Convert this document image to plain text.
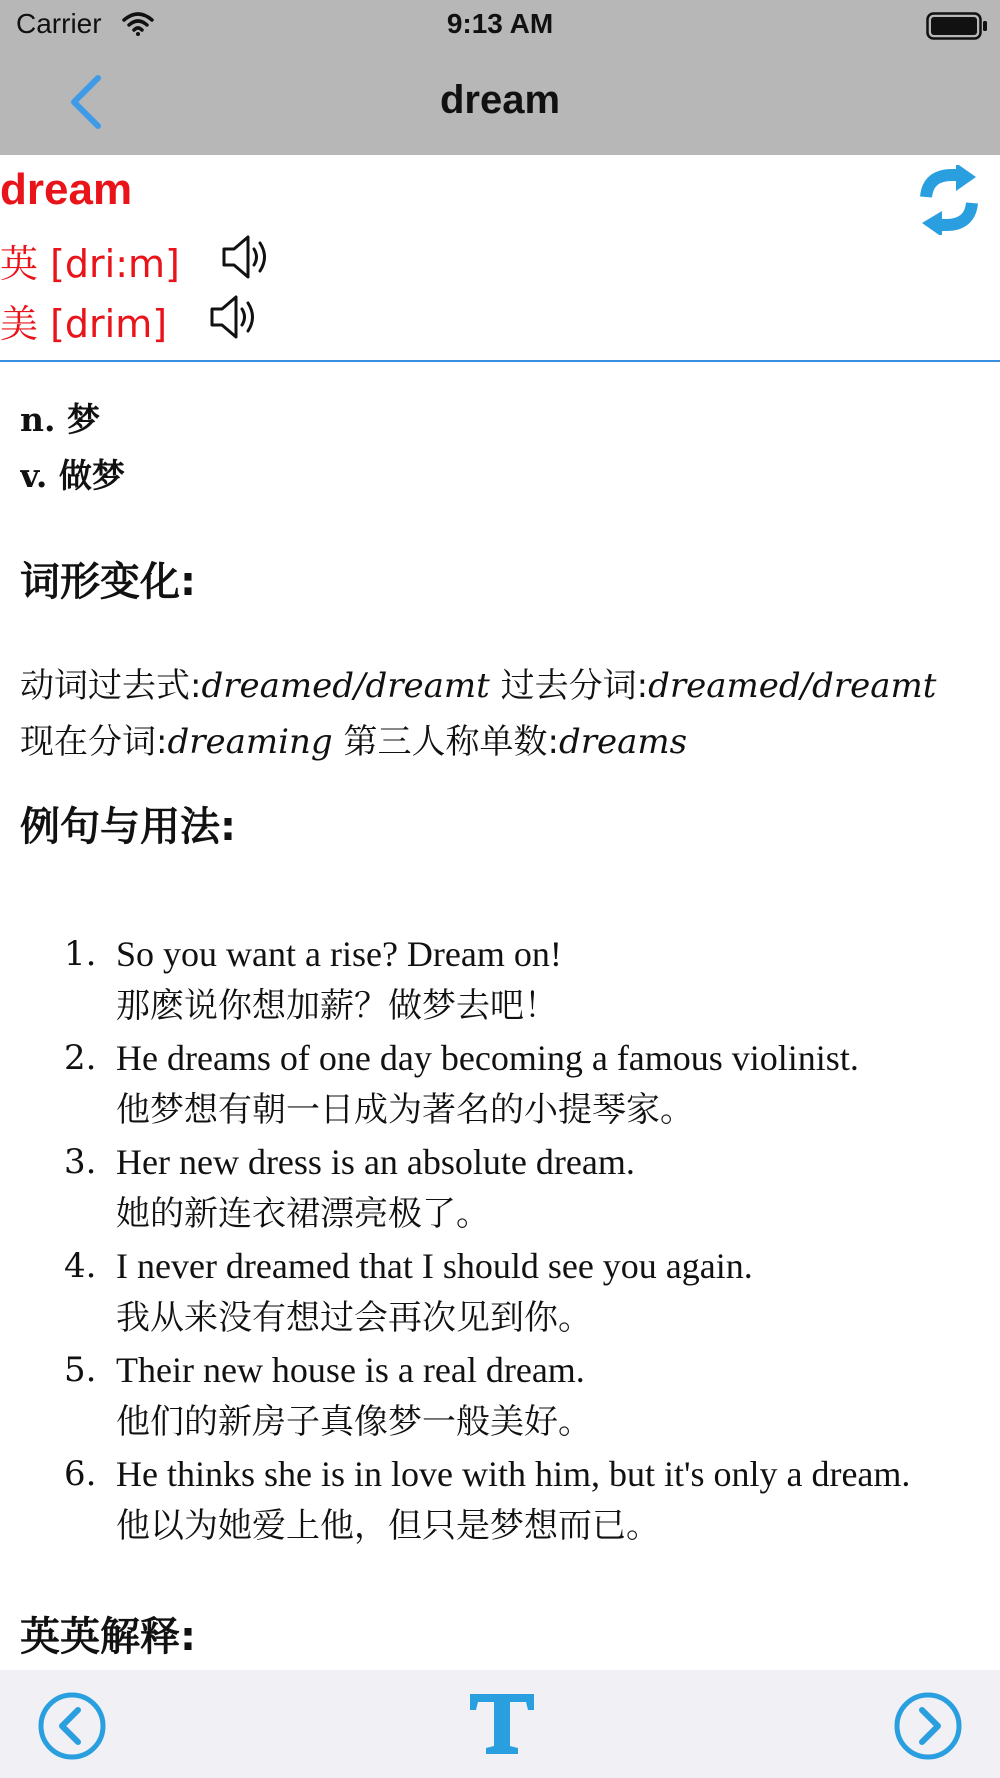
Carrier	9:13 AM
dream
dream
英 [dri:m]
美 [drim]
n. 梦
v. 做梦
词形变化:
动词过去式:dreamed/dreamt 过去分词:dreamed/dreamt 现在分词:dreaming 第三人称单数:dreams
例句与用法:
1. So you want a rise? Dream on!
那麽说你想加薪？做梦去吧！
2. He dreams of one day becoming a famous violinist.
他梦想有朝一日成为著名的小提琴家。
3. Her new dress is an absolute dream.
她的新连衣裙漂亮极了。
4. I never dreamed that I should see you again.
我从来没有想过会再次见到你。
5. Their new house is a real dream.
他们的新房子真像梦一般美好。
6. He thinks she is in love with him, but it's only a dream.
他以为她爱上他，但只是梦想而已。
英英解释:
